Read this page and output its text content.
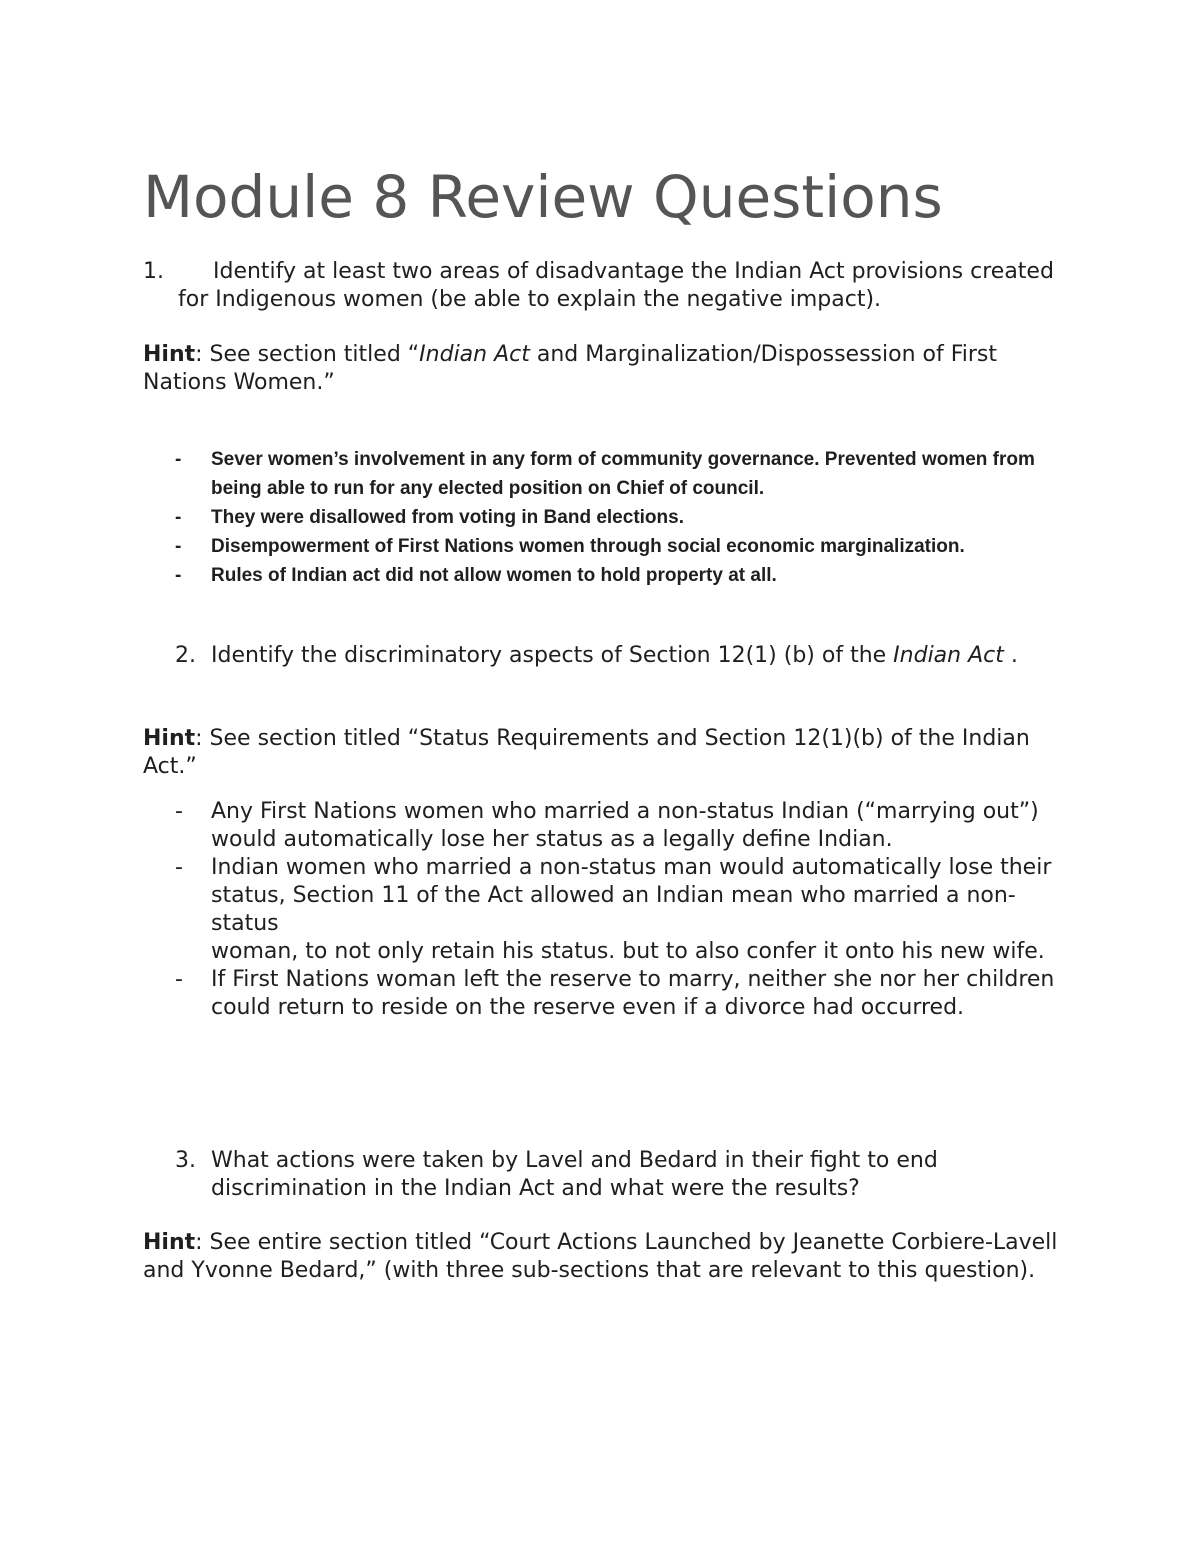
Module 8 Review Questions
1.	Identify at least two areas of disadvantage the Indian Act provisions created for Indigenous women (be able to explain the negative impact).
Hint: See section titled “Indian Act and Marginalization/Dispossession of First Nations Women.”
- Sever women’s involvement in any form of community governance. Prevented women from being able to run for any elected position on Chief of council.
- They were disallowed from voting in Band elections.
- Disempowerment of First Nations women through social economic marginalization.
- Rules of Indian act did not allow women to hold property at all.
2. Identify the discriminatory aspects of Section 12(1) (b) of the Indian Act .
Hint: See section titled “Status Requirements and Section 12(1)(b) of the Indian Act.”
- Any First Nations women who married a non-status Indian (“marrying out”) would automatically lose her status as a legally define Indian.
- Indian women who married a non-status man would automatically lose their status, Section 11 of the Act allowed an Indian mean who married a non-status
woman, to not only retain his status. but to also confer it onto his new wife.
- If First Nations woman left the reserve to marry, neither she nor her children could return to reside on the reserve even if a divorce had occurred.
3. What actions were taken by Lavel and Bedard in their fight to end discrimination in the Indian Act and what were the results?
Hint: See entire section titled “Court Actions Launched by Jeanette Corbiere-Lavell and Yvonne Bedard,” (with three sub-sections that are relevant to this question).
